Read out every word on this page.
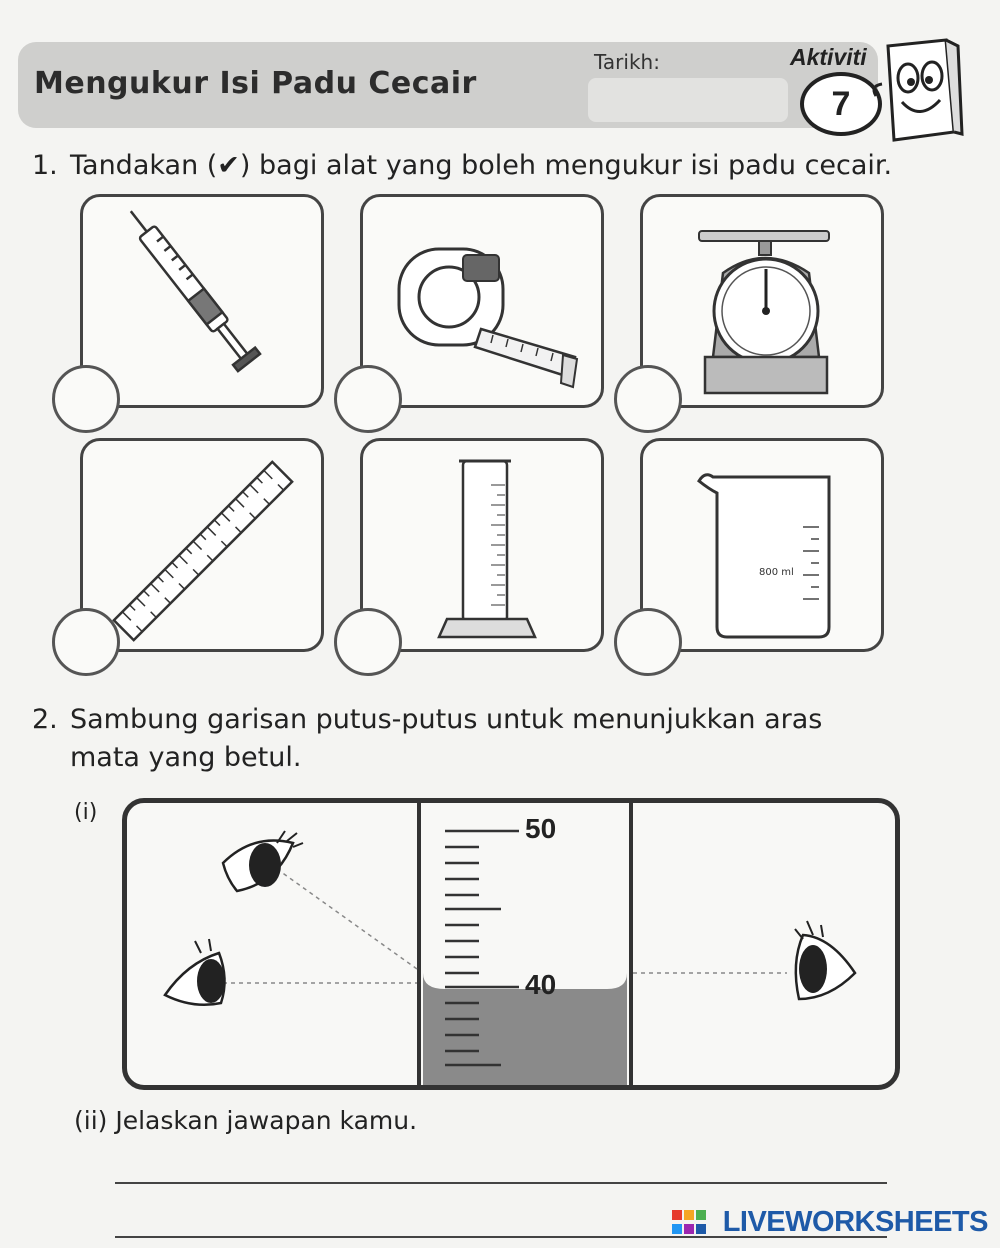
Mengukur Isi Padu Cecair
Tarikh:	Aktiviti
7
1. Tandakan (✔) bagi alat yang boleh mengukur isi padu cecair.
800 ml
2. Sambung garisan putus-putus untuk menunjukkan aras
mata yang betul.
(i)
50
40
(ii) Jelaskan jawapan kamu.
LIVEWORKSHEETS
